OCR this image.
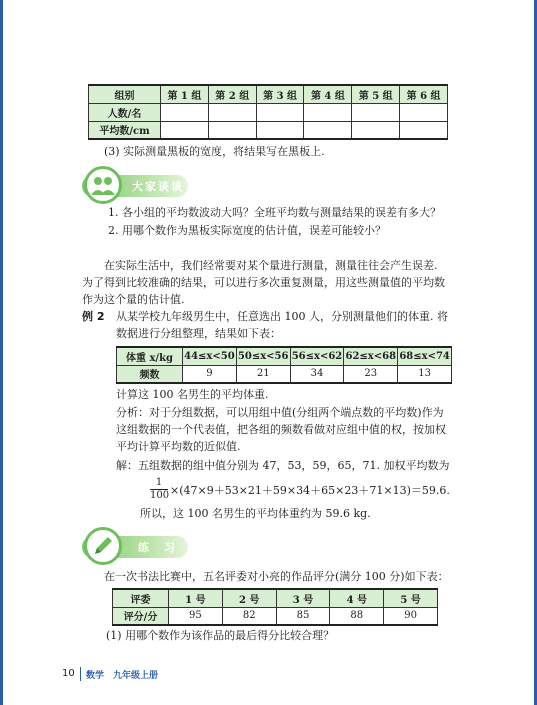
组别	第 1 组	第 2 组	第 3 组	第 4 组	第 5 组	第 6 组
人数/名						
平均数/cm						
(3) 实际测量黑板的宽度，将结果写在黑板上.
大家谈谈
1. 各小组的平均数波动大吗？全班平均数与测量结果的误差有多大？
2. 用哪个数作为黑板实际宽度的估计值，误差可能较小？
在实际生活中，我们经常要对某个量进行测量，测量往往会产生误差.
为了得到比较准确的结果，可以进行多次重复测量，用这些测量值的平均数
作为这个量的估计值.
例 2 从某学校九年级男生中，任意选出 100 人，分别测量他们的体重. 将
数据进行分组整理，结果如下表：
体重 x/kg	44≤x<50	50≤x<56	56≤x<62	62≤x<68	68≤x<74
频数	9	21	34	23	13
计算这 100 名男生的平均体重.
分析：对于分组数据，可以用组中值(分组两个端点数的平均数)作为
这组数据的一个代表值，把各组的频数看做对应组中值的权，按加权
平均计算平均数的近似值.
解：五组数据的组中值分别为 47，53，59，65，71. 加权平均数为
$\frac{1}{100} \times(47\times 9+53\times 21+59\times 34+65\times 23+71\times 13)=59.6$.
所以，这 100 名男生的平均体重约为 59.6 kg.
练　习
在一次书法比赛中，五名评委对小亮的作品评分(满分 100 分)如下表：
评委	1 号	2 号	3 号	4 号	5 号
评分/分	95	82	85	88	90
(1) 用哪个数作为该作品的最后得分比较合理？
10 数学　九年级上册
